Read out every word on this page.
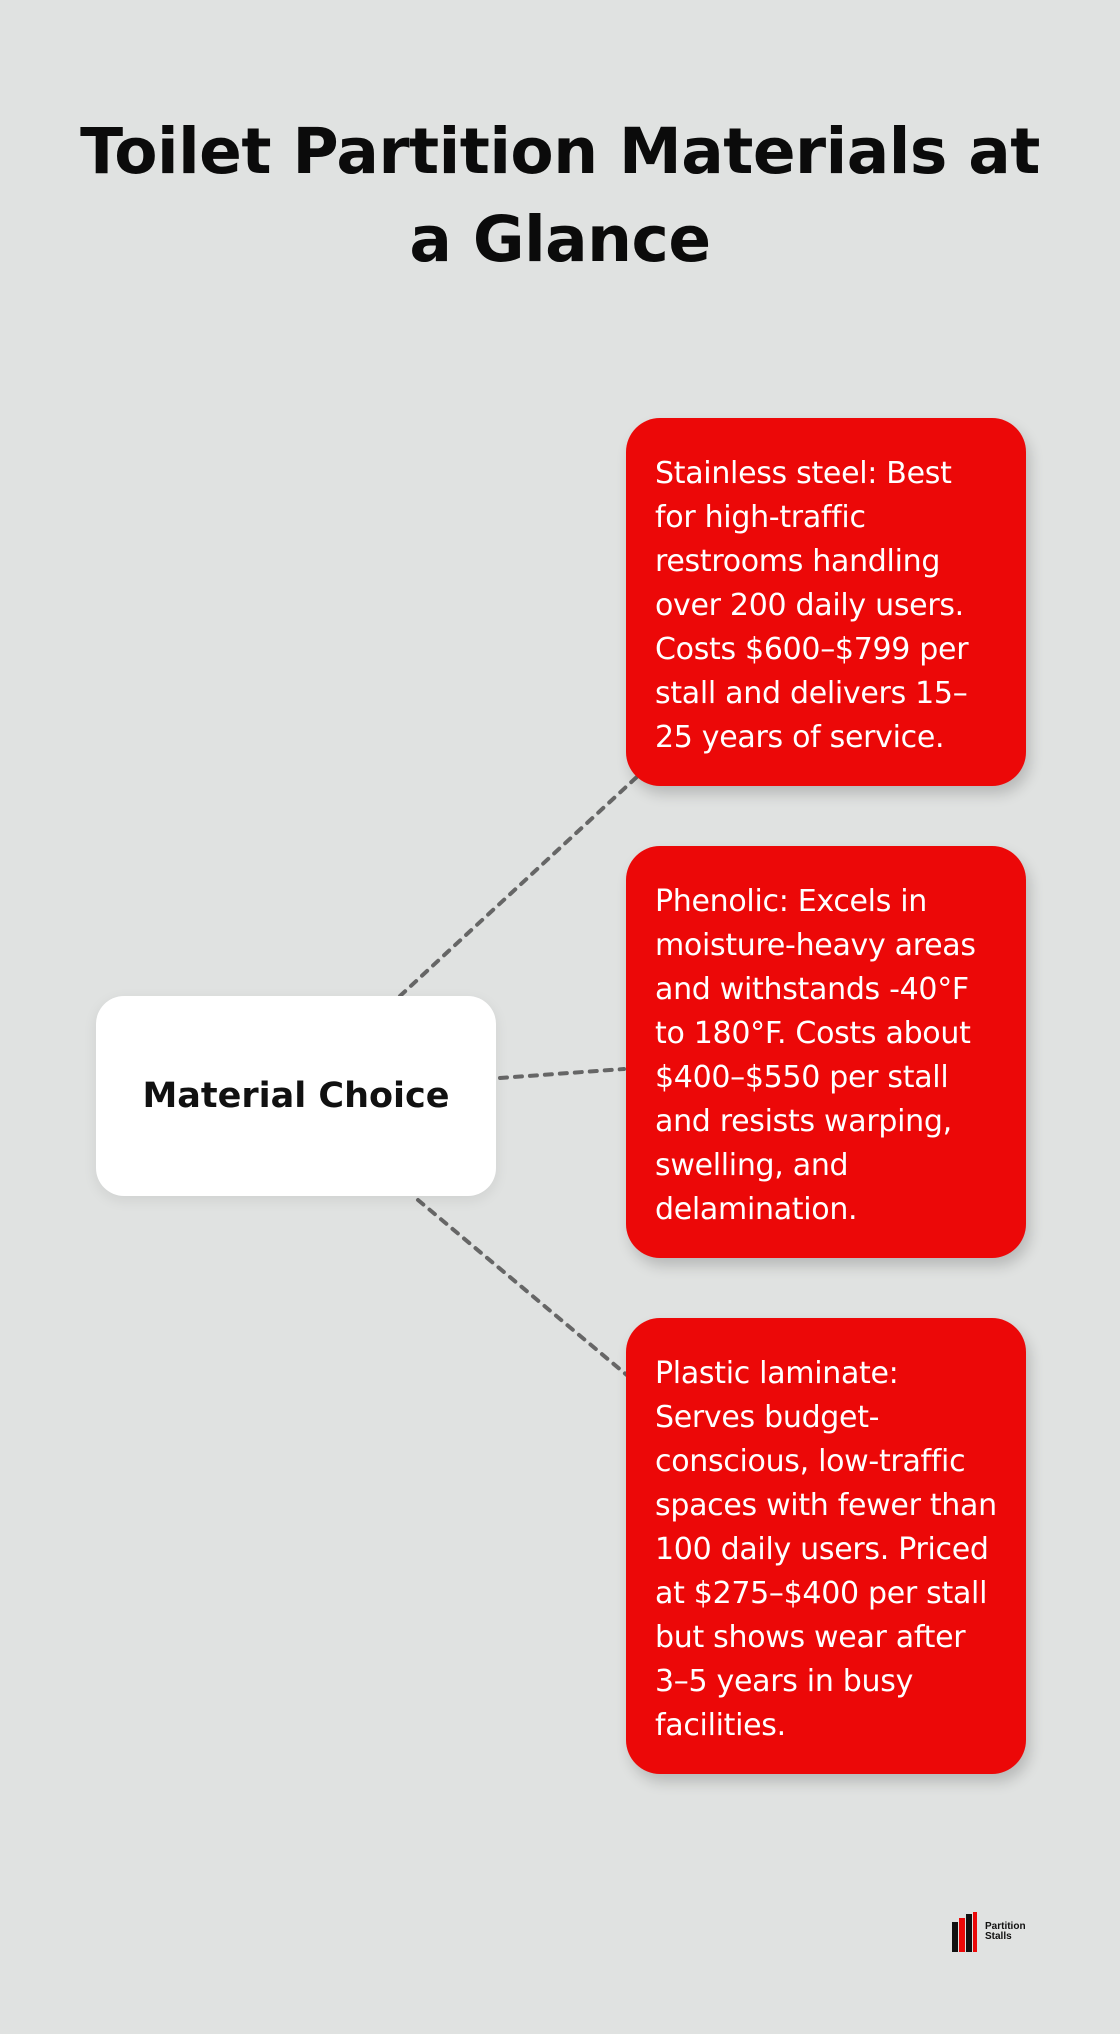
Toilet Partition Materials at a Glance
Material Choice

Stainless steel: Best for high-traffic restrooms handling over 200 daily users. Costs $600–$799 per stall and delivers 15–25 years of service.

Phenolic: Excels in moisture-heavy areas and withstands -40°F to 180°F. Costs about $400–$550 per stall and resists warping, swelling, and delamination.

Plastic laminate: Serves budget-conscious, low-traffic spaces with fewer than 100 daily users. Priced at $275–$400 per stall but shows wear after 3–5 years in busy facilities.

Partition
Stalls
